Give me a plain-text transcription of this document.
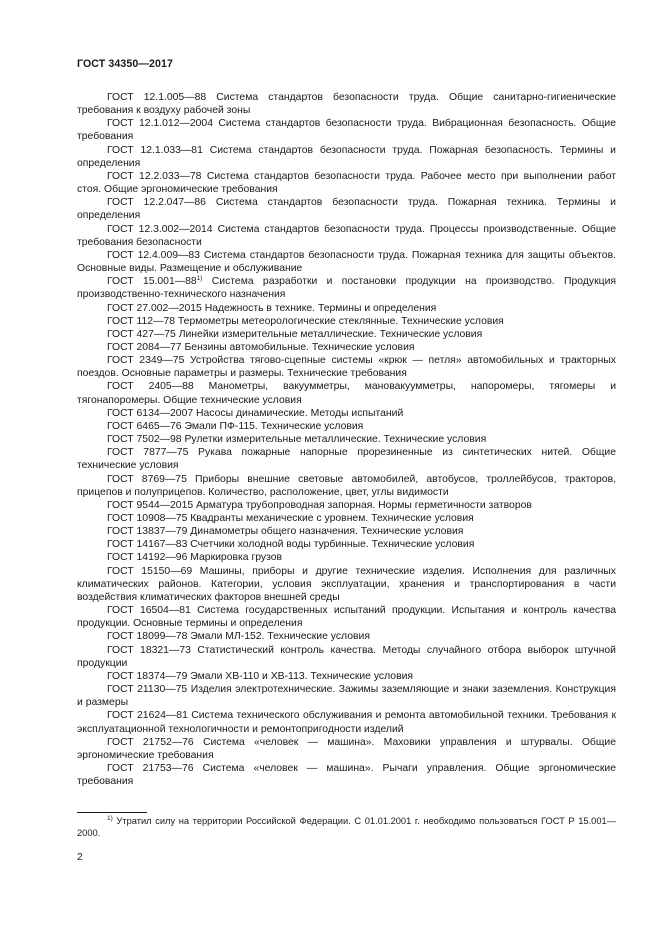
ГОСТ 34350—2017

ГОСТ 12.1.005—88 Система стандартов безопасности труда. Общие санитарно-гигиенические требования к воздуху рабочей зоны

ГОСТ 12.1.012—2004 Система стандартов безопасности труда. Вибрационная безопасность. Общие требования

ГОСТ 12.1.033—81 Система стандартов безопасности труда. Пожарная безопасность. Термины и определения

ГОСТ 12.2.033—78 Система стандартов безопасности труда. Рабочее место при выполнении работ стоя. Общие эргономические требования

ГОСТ 12.2.047—86 Система стандартов безопасности труда. Пожарная техника. Термины и определения

ГОСТ 12.3.002—2014 Система стандартов безопасности труда. Процессы производственные. Общие требования безопасности

ГОСТ 12.4.009—83 Система стандартов безопасности труда. Пожарная техника для защиты объектов. Основные виды. Размещение и обслуживание

ГОСТ 15.001—88$^{1)}$ Система разработки и постановки продукции на производство. Продукция производственно-технического назначения

ГОСТ 27.002—2015 Надежность в технике. Термины и определения

ГОСТ 112—78 Термометры метеорологические стеклянные. Технические условия

ГОСТ 427—75 Линейки измерительные металлические. Технические условия

ГОСТ 2084—77 Бензины автомобильные. Технические условия

ГОСТ 2349—75 Устройства тягово-сцепные системы «крюк — петля» автомобильных и тракторных поездов. Основные параметры и размеры. Технические требования

ГОСТ 2405—88 Манометры, вакуумметры, мановакуумметры, напоромеры, тягомеры и тягонапоромеры. Общие технические условия

ГОСТ 6134—2007 Насосы динамические. Методы испытаний

ГОСТ 6465—76 Эмали ПФ-115. Технические условия

ГОСТ 7502—98 Рулетки измерительные металлические. Технические условия

ГОСТ 7877—75 Рукава пожарные напорные прорезиненные из синтетических нитей. Общие технические условия

ГОСТ 8769—75 Приборы внешние световые автомобилей, автобусов, троллейбусов, тракторов, прицепов и полуприцепов. Количество, расположение, цвет, углы видимости

ГОСТ 9544—2015 Арматура трубопроводная запорная. Нормы герметичности затворов

ГОСТ 10908—75 Квадранты механические с уровнем. Технические условия

ГОСТ 13837—79 Динамометры общего назначения. Технические условия

ГОСТ 14167—83 Счетчики холодной воды турбинные. Технические условия

ГОСТ 14192—96 Маркировка грузов

ГОСТ 15150—69 Машины, приборы и другие технические изделия. Исполнения для различных климатических районов. Категории, условия эксплуатации, хранения и транспортирования в части воздействия климатических факторов внешней среды

ГОСТ 16504—81 Система государственных испытаний продукции. Испытания и контроль качества продукции. Основные термины и определения

ГОСТ 18099—78 Эмали МЛ-152. Технические условия

ГОСТ 18321—73 Статистический контроль качества. Методы случайного отбора выборок штучной продукции

ГОСТ 18374—79 Эмали ХВ-110 и ХВ-113. Технические условия

ГОСТ 21130—75 Изделия электротехнические. Зажимы заземляющие и знаки заземления. Конструкция и размеры

ГОСТ 21624—81 Система технического обслуживания и ремонта автомобильной техники. Требования к эксплуатационной технологичности и ремонтопригодности изделий

ГОСТ 21752—76 Система «человек — машина». Маховики управления и штурвалы. Общие эргономические требования

ГОСТ 21753—76 Система «человек — машина». Рычаги управления. Общие эргономические требования

$^{1)}$ Утратил силу на территории Российской Федерации. С 01.01.2001 г. необходимо пользоваться ГОСТ Р 15.001—2000.

2
